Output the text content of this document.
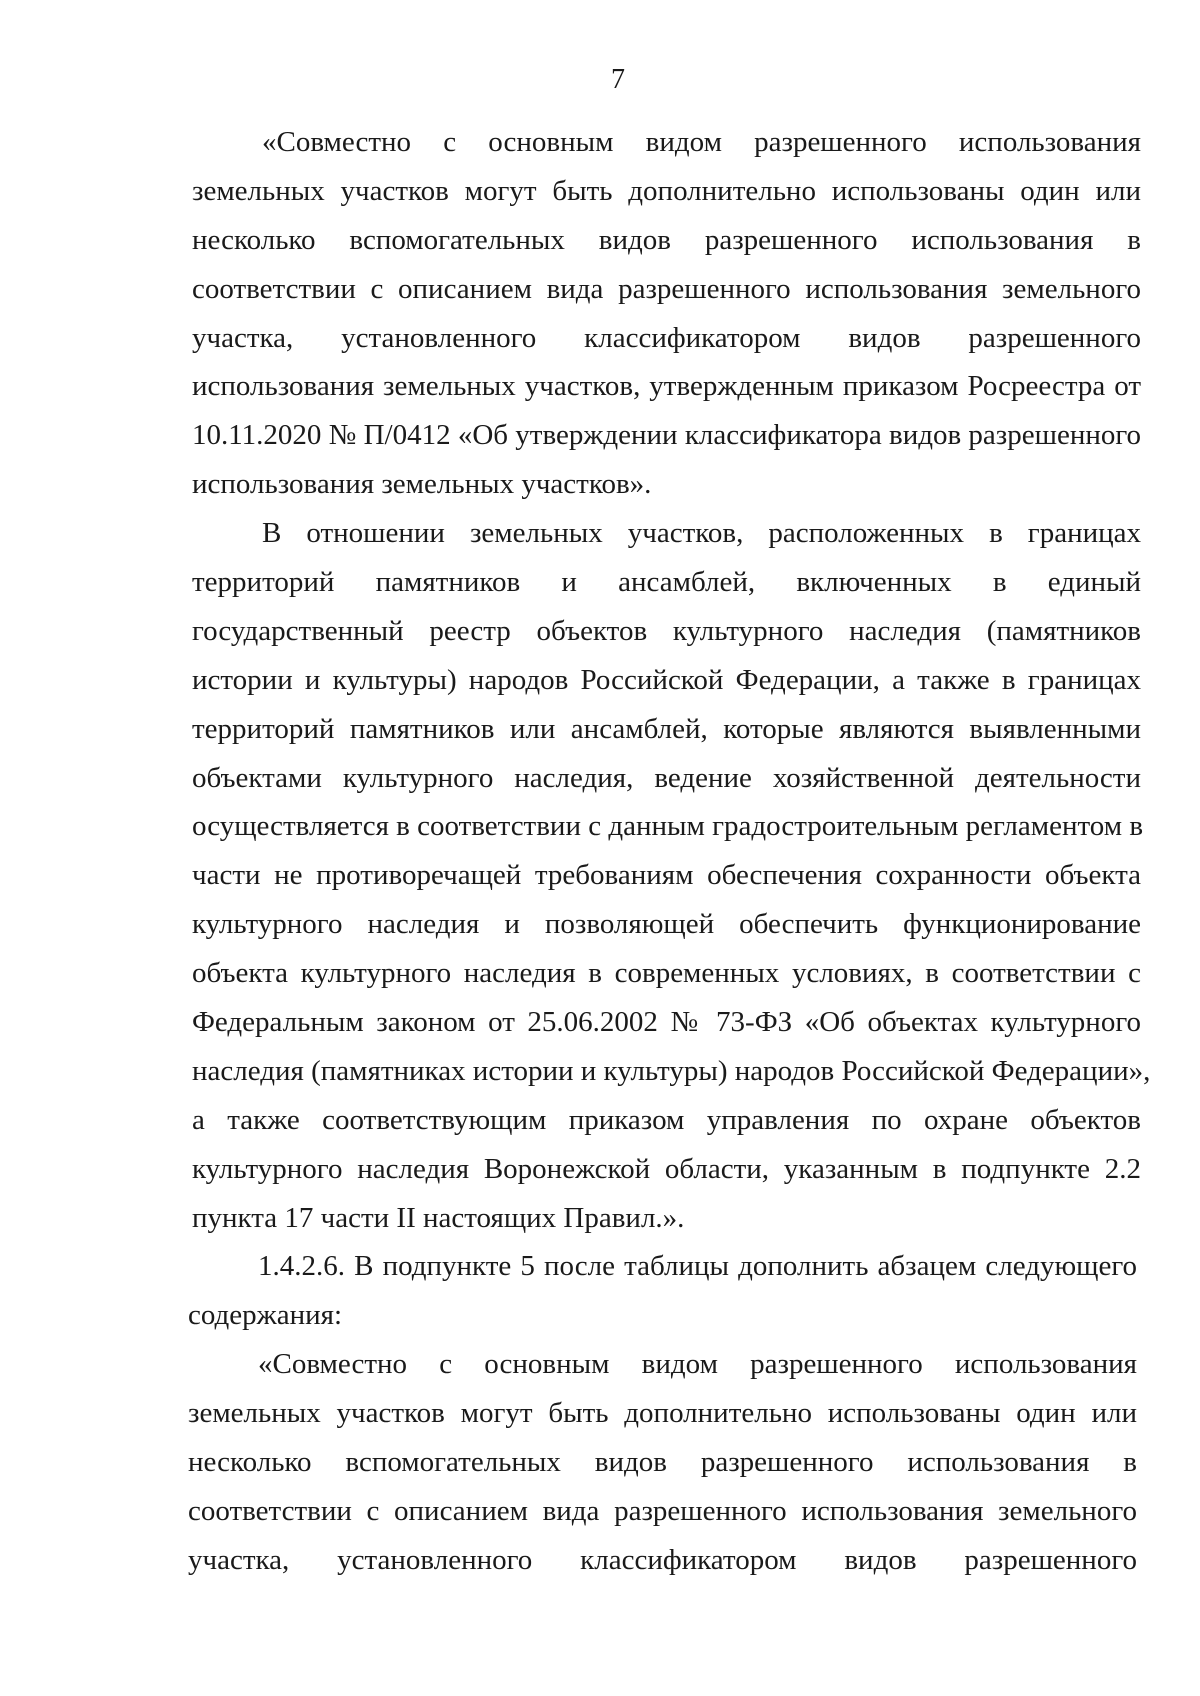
7
«Совместно с основным видом разрешенного использования
земельных участков могут быть дополнительно использованы один или
несколько вспомогательных видов разрешенного использования в
соответствии с описанием вида разрешенного использования земельного
участка, установленного классификатором видов разрешенного
использования земельных участков, утвержденным приказом Росреестра от
10.11.2020 № П/0412 «Об утверждении классификатора видов разрешенного
использования земельных участков».
В отношении земельных участков, расположенных в границах
территорий памятников и ансамблей, включенных в единый
государственный реестр объектов культурного наследия (памятников
истории и культуры) народов Российской Федерации, а также в границах
территорий памятников или ансамблей, которые являются выявленными
объектами культурного наследия, ведение хозяйственной деятельности
осуществляется в соответствии с данным градостроительным регламентом в
части не противоречащей требованиям обеспечения сохранности объекта
культурного наследия и позволяющей обеспечить функционирование
объекта культурного наследия в современных условиях, в соответствии с
Федеральным законом от 25.06.2002 № 73-ФЗ «Об объектах культурного
наследия (памятниках истории и культуры) народов Российской Федерации»,
а также соответствующим приказом управления по охране объектов
культурного наследия Воронежской области, указанным в подпункте 2.2
пункта 17 части II настоящих Правил.».
1.4.2.6. В подпункте 5 после таблицы дополнить абзацем следующего
содержания:
«Совместно с основным видом разрешенного использования
земельных участков могут быть дополнительно использованы один или
несколько вспомогательных видов разрешенного использования в
соответствии с описанием вида разрешенного использования земельного
участка, установленного классификатором видов разрешенного
